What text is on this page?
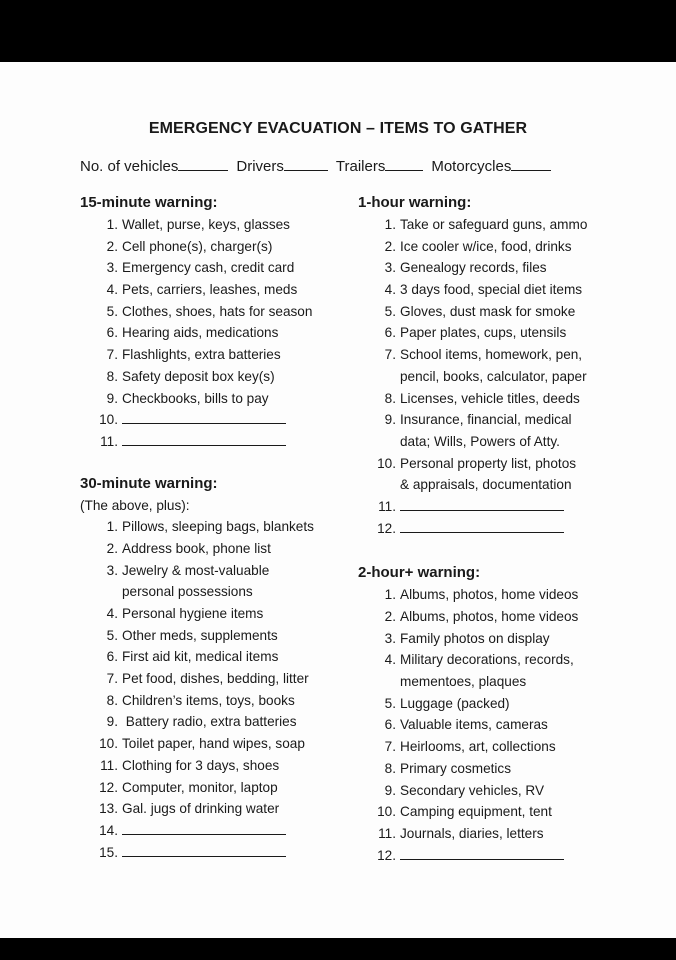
EMERGENCY EVACUATION – ITEMS TO GATHER
No. of vehicles	Drivers	Trailers	Motorcycles
15-minute warning:
1. Wallet, purse, keys, glasses
2. Cell phone(s), charger(s)
3. Emergency cash, credit card
4. Pets, carriers, leashes, meds
5. Clothes, shoes, hats for season
6. Hearing aids, medications
7. Flashlights, extra batteries
8. Safety deposit box key(s)
9. Checkbooks, bills to pay
10.
11.
30-minute warning:
(The above, plus):
1. Pillows, sleeping bags, blankets
2. Address book, phone list
3. Jewelry & most-valuable
personal possessions
4. Personal hygiene items
5. Other meds, supplements
6. First aid kit, medical items
7. Pet food, dishes, bedding, litter
8. Children’s items, toys, books
9. Battery radio, extra batteries
10. Toilet paper, hand wipes, soap
11. Clothing for 3 days, shoes
12. Computer, monitor, laptop
13. Gal. jugs of drinking water
14.
15.
1-hour warning:
1. Take or safeguard guns, ammo
2. Ice cooler w/ice, food, drinks
3. Genealogy records, files
4. 3 days food, special diet items
5. Gloves, dust mask for smoke
6. Paper plates, cups, utensils
7. School items, homework, pen,
pencil, books, calculator, paper
8. Licenses, vehicle titles, deeds
9. Insurance, financial, medical
data; Wills, Powers of Atty.
10. Personal property list, photos
& appraisals, documentation
11.
12.
2-hour+ warning:
1. Albums, photos, home videos
2. Albums, photos, home videos
3. Family photos on display
4. Military decorations, records,
mementoes, plaques
5. Luggage (packed)
6. Valuable items, cameras
7. Heirlooms, art, collections
8. Primary cosmetics
9. Secondary vehicles, RV
10. Camping equipment, tent
11. Journals, diaries, letters
12.
